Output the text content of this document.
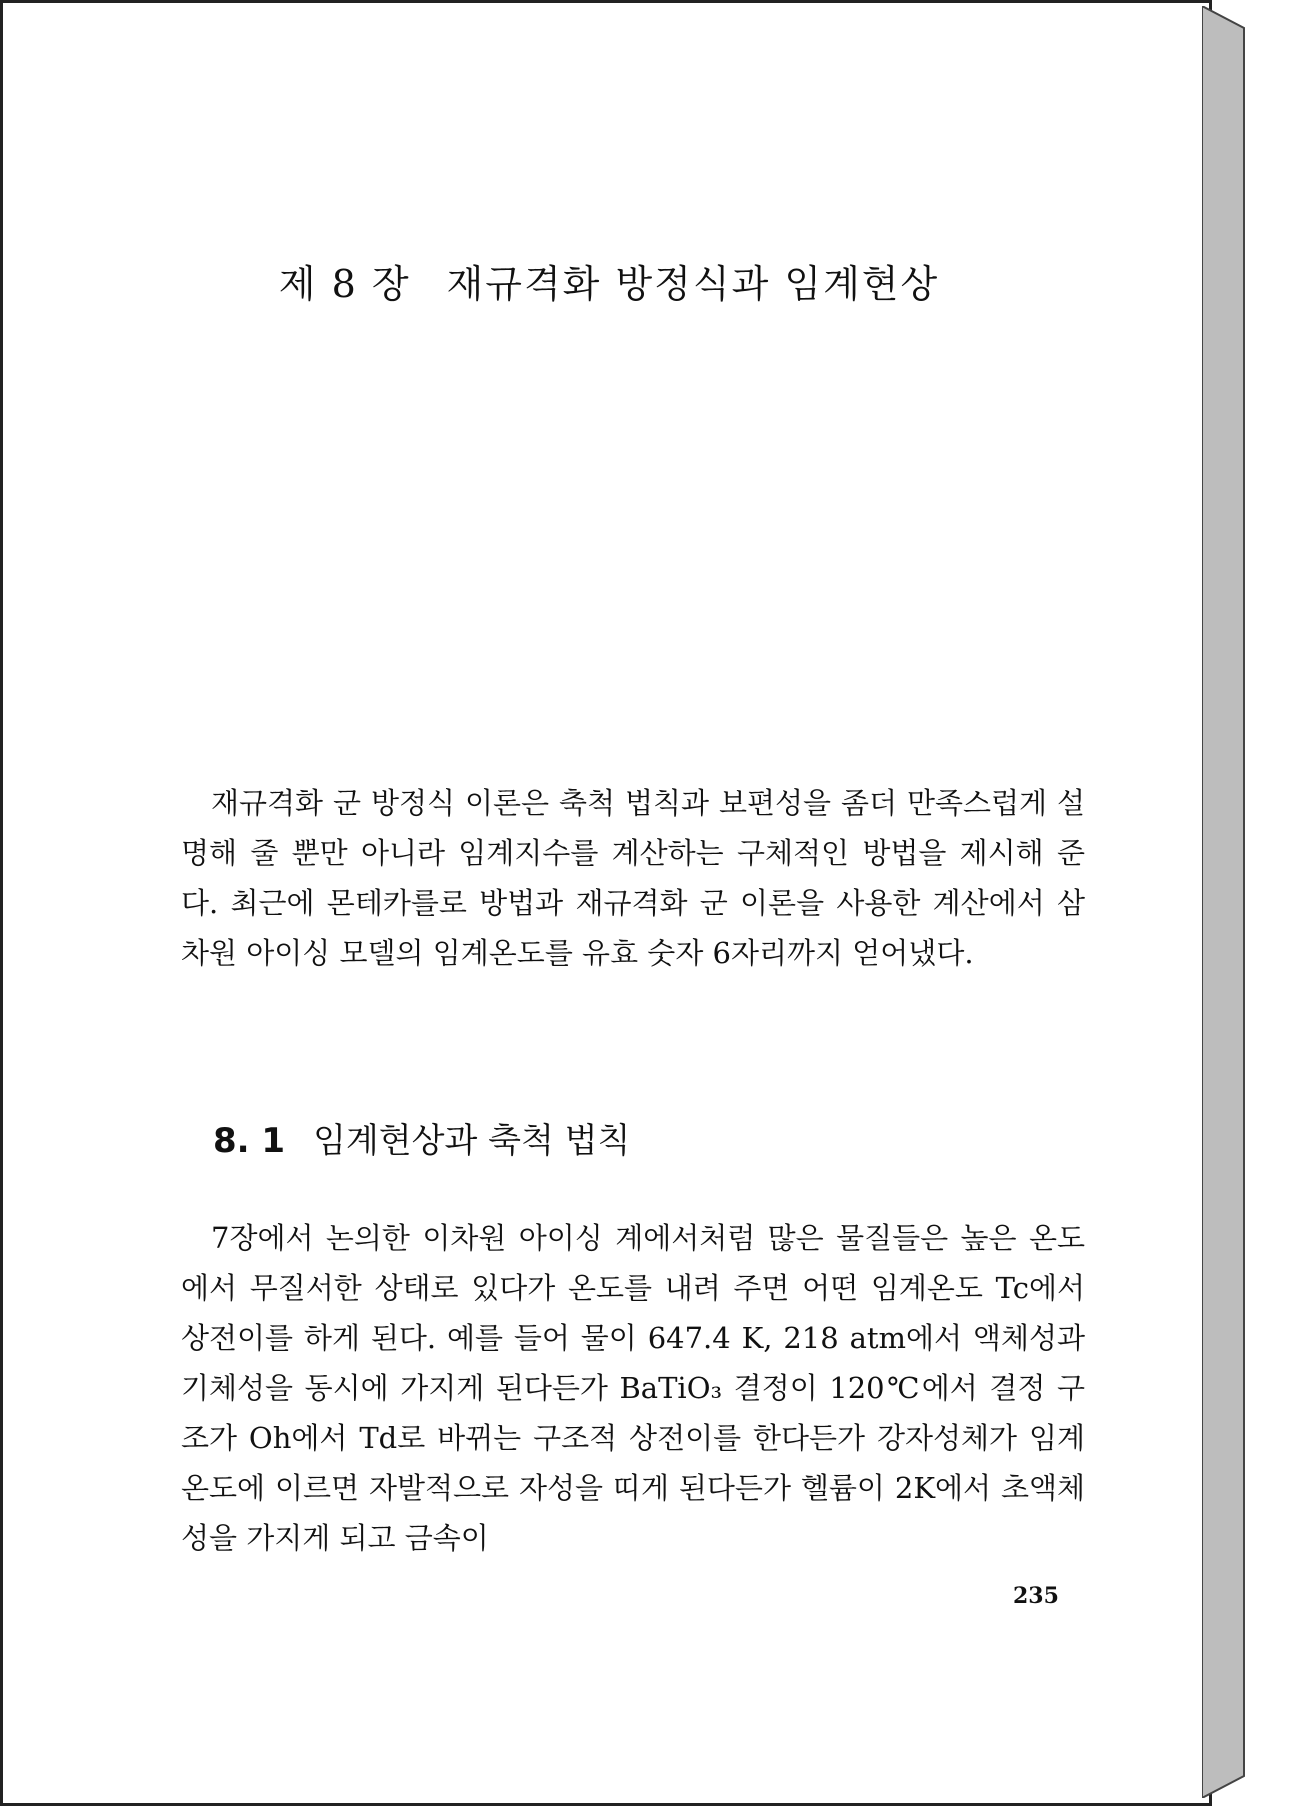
제 8 장 재규격화 방정식과 임계현상
재규격화 군 방정식 이론은 축척 법칙과 보편성을 좀더 만족스럽게 설명해 줄 뿐만 아니라 임계지수를 계산하는 구체적인 방법을 제시해 준다. 최근에 몬테카를로 방법과 재규격화 군 이론을 사용한 계산에서 삼차원 아이싱 모델의 임계온도를 유효 숫자 6자리까지 얻어냈다.
8. 1 임계현상과 축척 법칙
7장에서 논의한 이차원 아이싱 계에서처럼 많은 물질들은 높은 온도에서 무질서한 상태로 있다가 온도를 내려 주면 어떤 임계온도 Tc에서 상전이를 하게 된다. 예를 들어 물이 647.4 K, 218 atm에서 액체성과 기체성을 동시에 가지게 된다든가 BaTiO₃ 결정이 120℃에서 결정 구조가 Oh에서 Td로 바뀌는 구조적 상전이를 한다든가 강자성체가 임계온도에 이르면 자발적으로 자성을 띠게 된다든가 헬륨이 2K에서 초액체성을 가지게 되고 금속이
235
